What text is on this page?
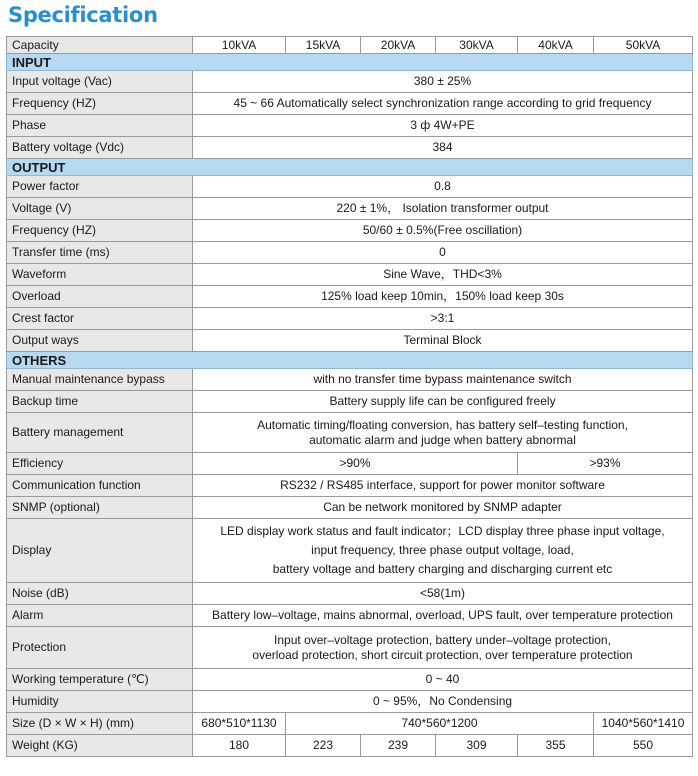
Specification
Capacity	10kVA	15kVA	20kVA	30kVA	40kVA	50kVA
INPUT						
Input voltage (Vac)	380 ± 25%					
Frequency (HZ)	45 ~ 66 Automatically select synchronization range according to grid frequency					
Phase	3 ф 4W+PE					
Battery voltage (Vdc)	384					
OUTPUT						
Power factor	0.8					
Voltage (V)	220 ± 1%， Isolation transformer output					
Frequency (HZ)	50/60 ± 0.5%(Free oscillation)					
Transfer time (ms)	0					
Waveform	Sine Wave，THD<3%					
Overload	125% load keep 10min，150% load keep 30s					
Crest factor	>3:1					
Output ways	Terminal Block					
OTHERS						
Manual maintenance bypass	with no transfer time bypass maintenance switch					
Backup time	Battery supply life can be configured freely					
Battery management	Automatic timing/floating conversion, has battery self–testing function,
automatic alarm and judge when battery abnormal					

Efficiency	>90%				>93%	
Communication function	RS232 / RS485 interface, support for power monitor software					
SNMP (optional)	Can be network monitored by SNMP adapter					
Display	LED display work status and fault indicator；LCD display three phase input voltage,
input frequency, three phase output voltage, load,
battery voltage and battery charging and discharging current etc					

Noise (dB)	<58(1m)					
Alarm	Battery low–voltage, mains abnormal, overload, UPS fault, over temperature protection					
Protection	Input over–voltage protection, battery under–voltage protection,
overload protection, short circuit protection, over temperature protection					

Working temperature (℃)	0 ~ 40					
Humidity	0 ~ 95%，No Condensing					
Size (D × W × H) (mm)	680*510*1130	740*560*1200				1040*560*1410
Weight (KG)	180	223	239	309	355	550
